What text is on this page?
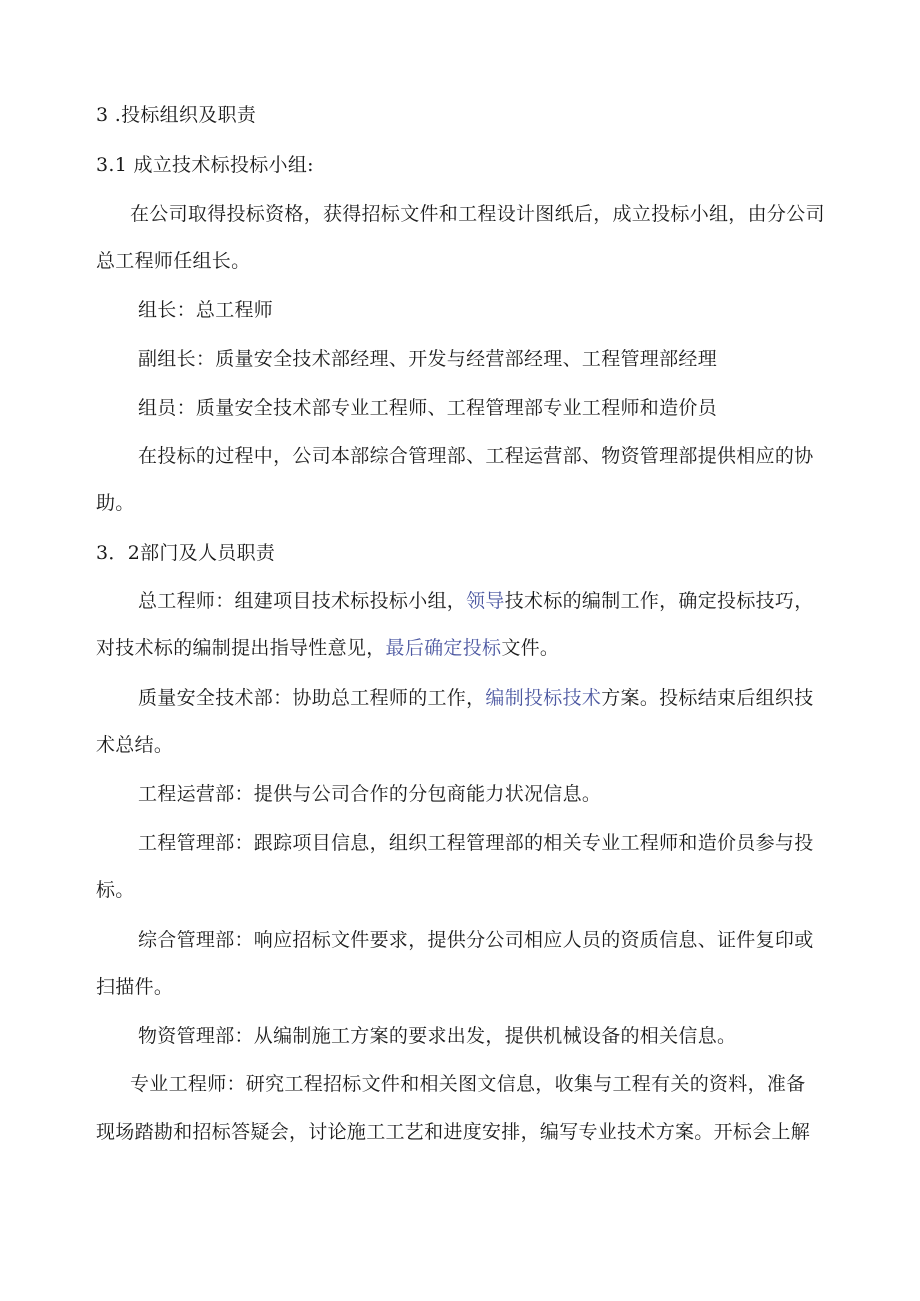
3 .投标组织及职责
3.1 成立技术标投标小组:
在公司取得投标资格，获得招标文件和工程设计图纸后，成立投标小组，由分公司
总工程师任组长。
组长：总工程师
副组长：质量安全技术部经理、开发与经营部经理、工程管理部经理
组员：质量安全技术部专业工程师、工程管理部专业工程师和造价员
在投标的过程中，公司本部综合管理部、工程运营部、物资管理部提供相应的协
助。
3．2部门及人员职责
总工程师：组建项目技术标投标小组，领导技术标的编制工作，确定投标技巧，
对技术标的编制提出指导性意见，最后确定投标文件。
质量安全技术部：协助总工程师的工作，编制投标技术方案。投标结束后组织技
术总结。
工程运营部：提供与公司合作的分包商能力状况信息。
工程管理部：跟踪项目信息，组织工程管理部的相关专业工程师和造价员参与投
标。
综合管理部：响应招标文件要求，提供分公司相应人员的资质信息、证件复印或
扫描件。
物资管理部：从编制施工方案的要求出发，提供机械设备的相关信息。
专业工程师：研究工程招标文件和相关图文信息，收集与工程有关的资料，准备
现场踏勘和招标答疑会，讨论施工工艺和进度安排，编写专业技术方案。开标会上解
